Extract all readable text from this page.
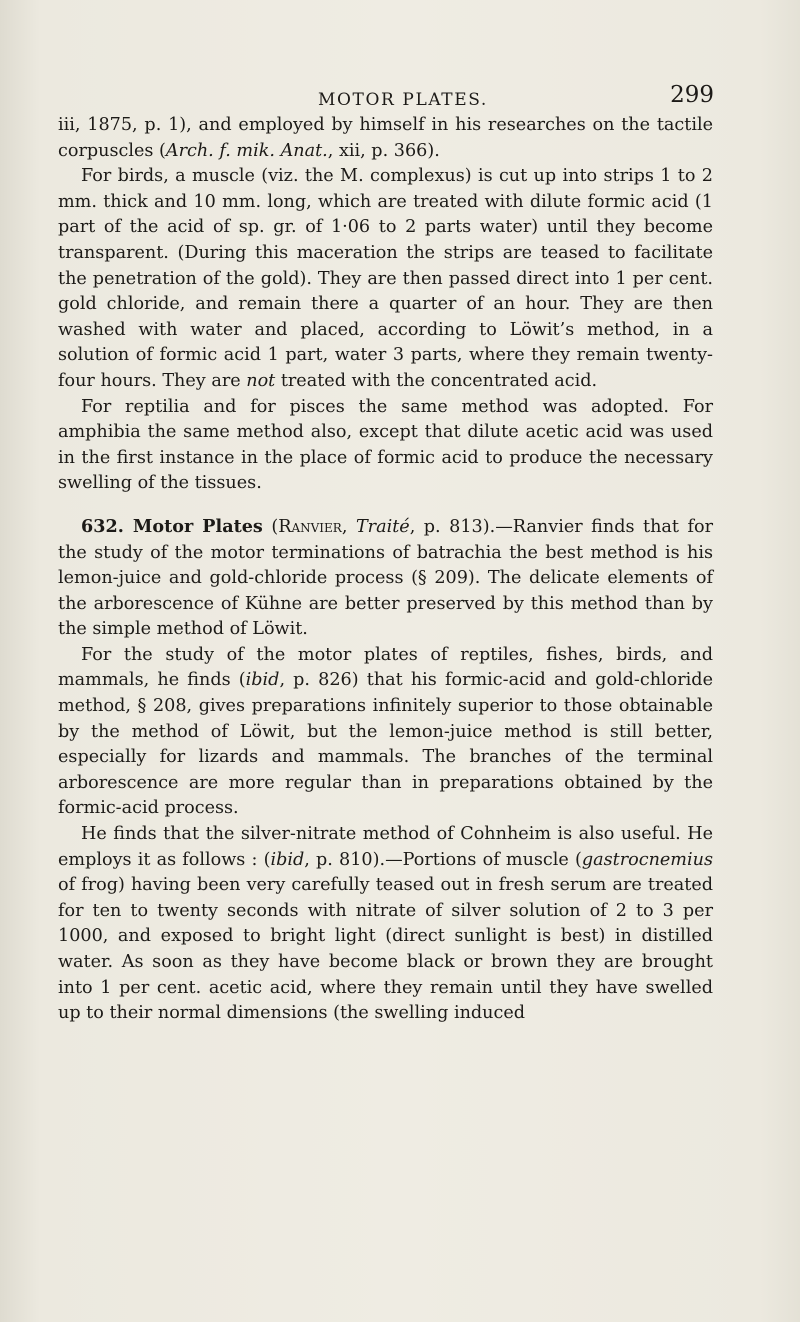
MOTOR PLATES.	299

iii, 1875, p. 1), and employed by himself in his researches on the tactile corpuscles (Arch. f. mik. Anat., xii, p. 366).

For birds, a muscle (viz. the M. complexus) is cut up into strips 1 to 2 mm. thick and 10 mm. long, which are treated with dilute formic acid (1 part of the acid of sp. gr. of 1·06 to 2 parts water) until they become transparent. (During this maceration the strips are teased to facilitate the penetration of the gold). They are then passed direct into 1 per cent. gold chloride, and remain there a quarter of an hour. They are then washed with water and placed, according to Löwit’s method, in a solution of formic acid 1 part, water 3 parts, where they remain twenty-four hours. They are not treated with the concentrated acid.

For reptilia and for pisces the same method was adopted. For amphibia the same method also, except that dilute acetic acid was used in the first instance in the place of formic acid to produce the necessary swelling of the tissues.

632. Motor Plates (Ranvier, Traité, p. 813).—Ranvier finds that for the study of the motor terminations of batrachia the best method is his lemon-juice and gold-chloride process (§ 209). The delicate elements of the arborescence of Kühne are better preserved by this method than by the simple method of Löwit.

For the study of the motor plates of reptiles, fishes, birds, and mammals, he finds (ibid, p. 826) that his formic-acid and gold-chloride method, § 208, gives preparations infinitely superior to those obtainable by the method of Löwit, but the lemon-juice method is still better, especially for lizards and mammals. The branches of the terminal arborescence are more regular than in preparations obtained by the formic-acid process.

He finds that the silver-nitrate method of Cohnheim is also useful. He employs it as follows : (ibid, p. 810).—Portions of muscle (gastrocnemius of frog) having been very carefully teased out in fresh serum are treated for ten to twenty seconds with nitrate of silver solution of 2 to 3 per 1000, and exposed to bright light (direct sunlight is best) in distilled water. As soon as they have become black or brown they are brought into 1 per cent. acetic acid, where they remain until they have swelled up to their normal dimensions (the swelling induced
